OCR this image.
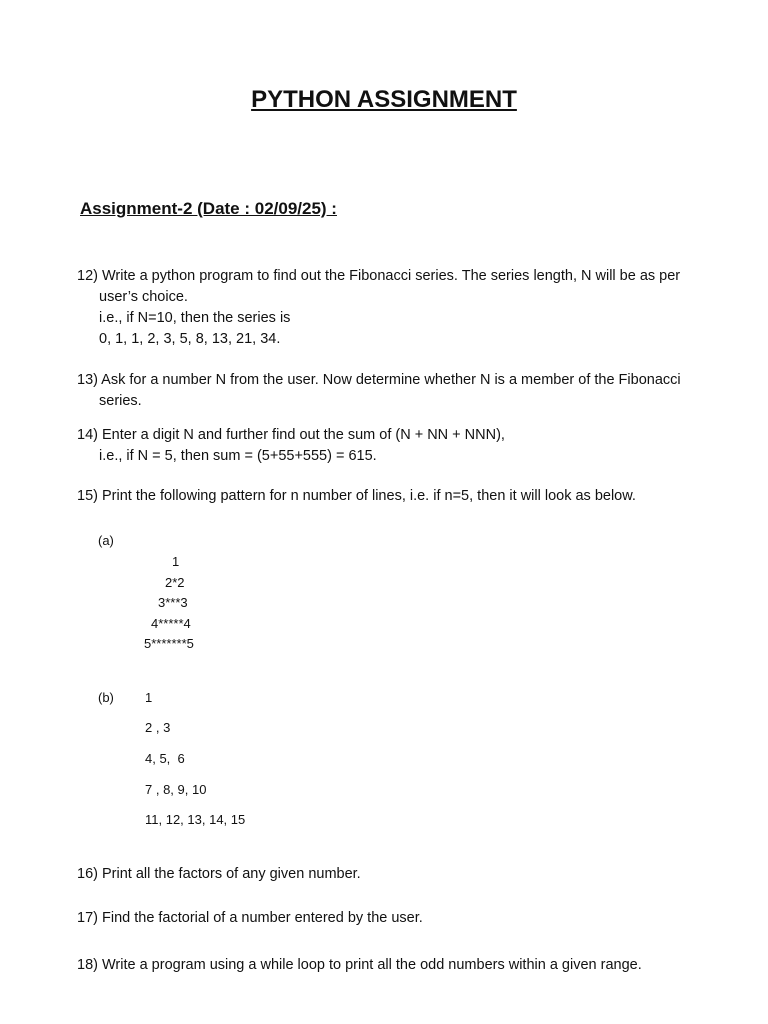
PYTHON ASSIGNMENT
Assignment-2 (Date : 02/09/25) :
12) Write a python program to find out the Fibonacci series. The series length, N will be as per
user’s choice.
i.e., if N=10, then the series is
0, 1, 1, 2, 3, 5, 8, 13, 21, 34.
13) Ask for a number N from the user. Now determine whether N is a member of the Fibonacci
series.
14) Enter a digit N and further find out the sum of (N + NN + NNN),
i.e., if N = 5, then sum = (5+55+555) = 615.
15) Print the following pattern for n number of lines, i.e. if n=5, then it will look as below.
(a)
1
2*2
3***3
4*****4
5*******5
(b) 1
2 , 3
4, 5,  6
7 , 8, 9, 10
11, 12, 13, 14, 15
16) Print all the factors of any given number.
17) Find the factorial of a number entered by the user.
18) Write a program using a while loop to print all the odd numbers within a given range.
